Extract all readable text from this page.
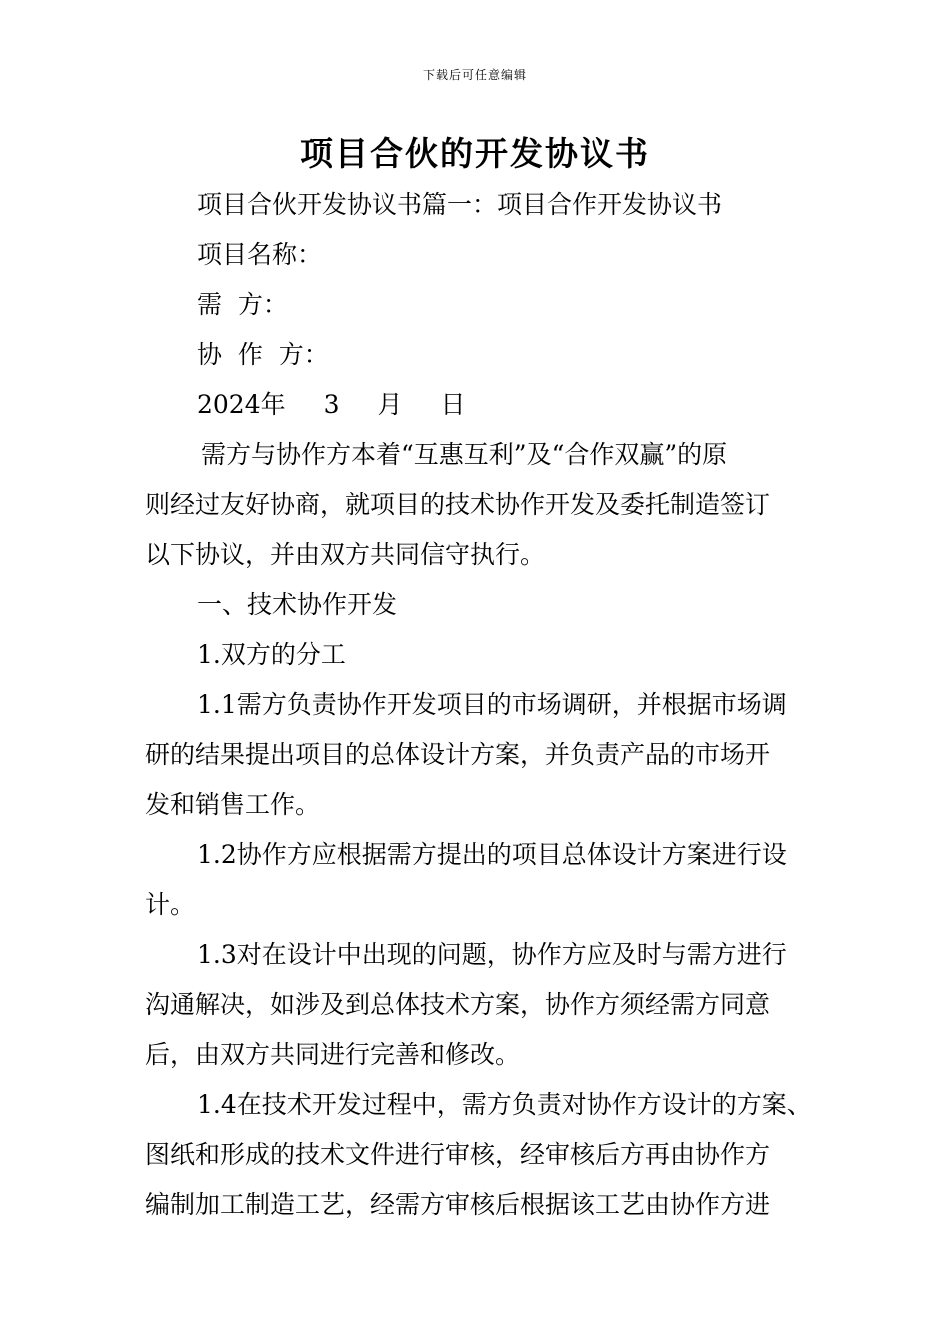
下载后可任意编辑
项目合伙的开发协议书

项目合伙开发协议书篇一：项目合作开发协议书

项目名称：

需  方：

协  作  方：

2024年 3 月 日

需方与协作方本着“互惠互利”及“合作双赢”的原
则经过友好协商，就项目的技术协作开发及委托制造签订
以下协议，并由双方共同信守执行。

一、技术协作开发

1.双方的分工

1.1需方负责协作开发项目的市场调研，并根据市场调
研的结果提出项目的总体设计方案，并负责产品的市场开
发和销售工作。
1.2协作方应根据需方提出的项目总体设计方案进行设
计。
1.3对在设计中出现的问题，协作方应及时与需方进行
沟通解决，如涉及到总体技术方案，协作方须经需方同意
后，由双方共同进行完善和修改。
1.4在技术开发过程中，需方负责对协作方设计的方案、
图纸和形成的技术文件进行审核，经审核后方再由协作方
编制加工制造工艺，经需方审核后根据该工艺由协作方进
